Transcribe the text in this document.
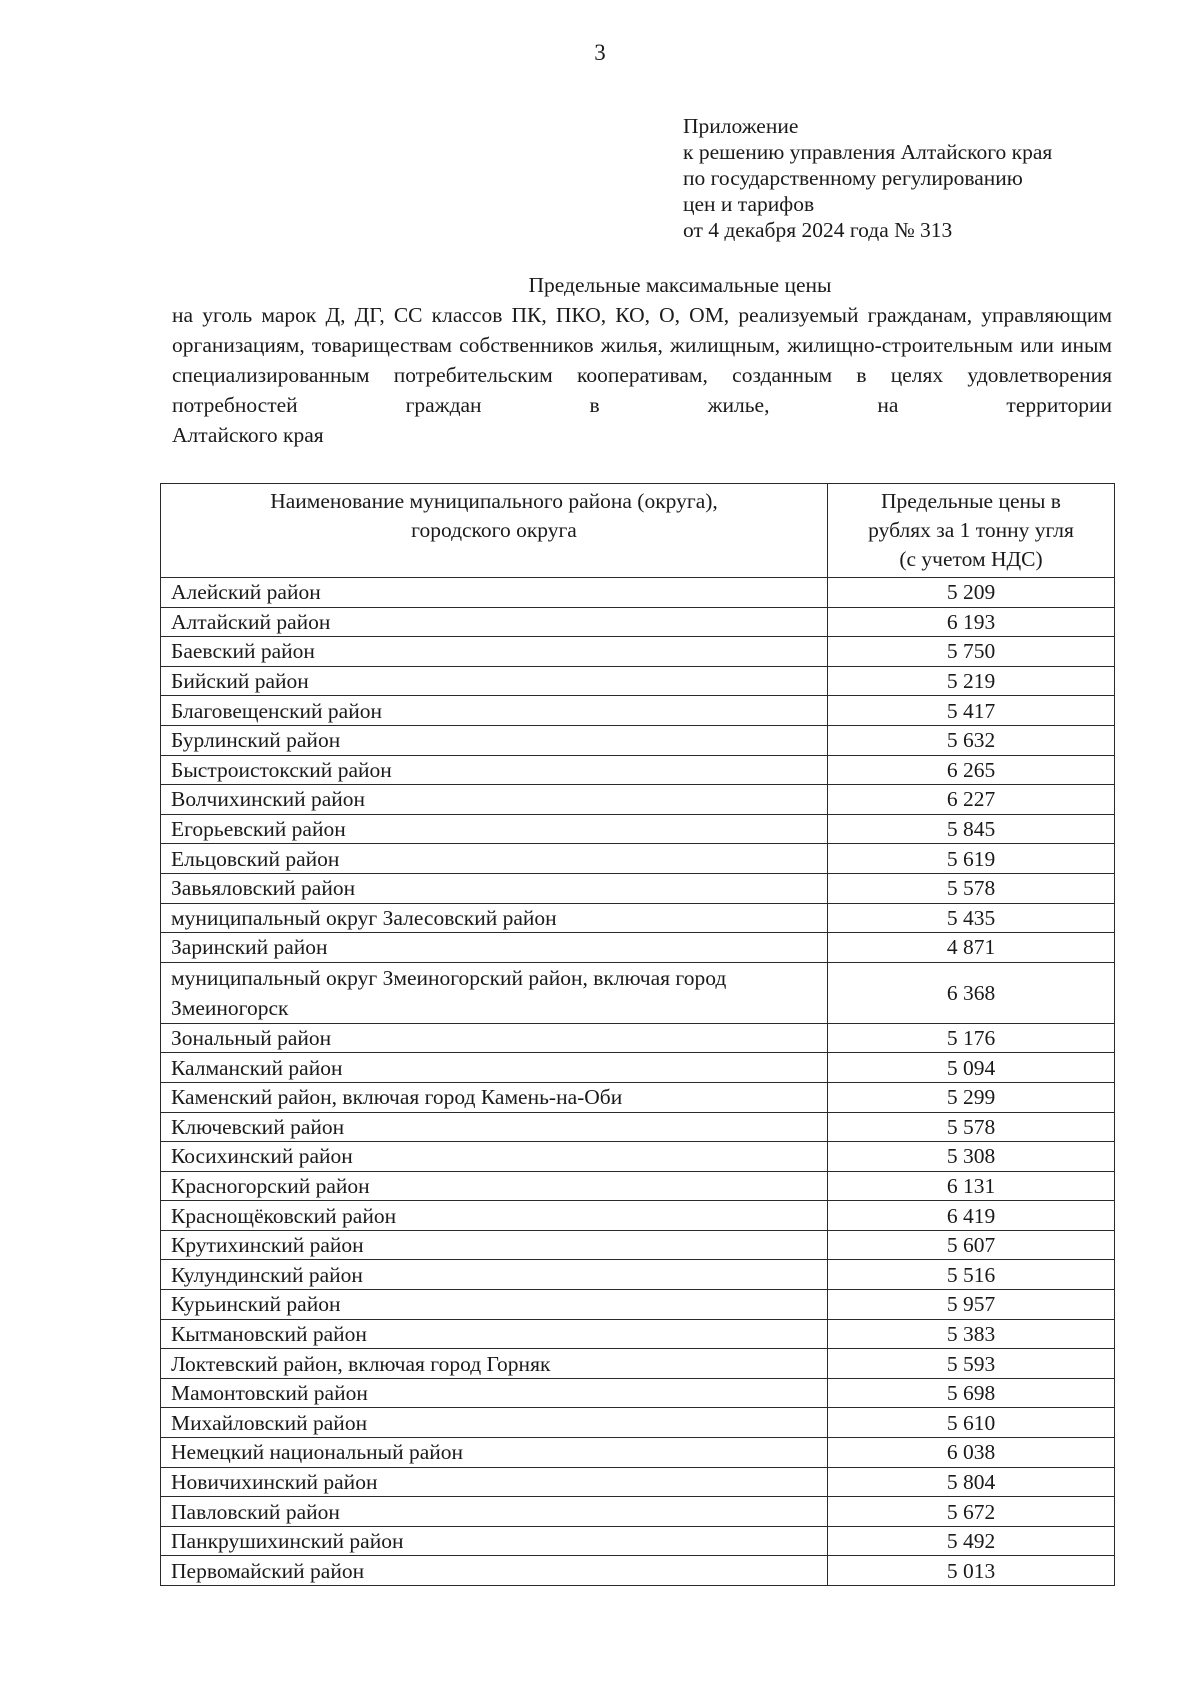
3
Приложение
к решению управления Алтайского края
по государственному регулированию
цен и тарифов
от 4 декабря 2024 года № 313
Предельные максимальные цены
на уголь марок Д, ДГ, СС классов ПК, ПКО, КО, О, ОМ, реализуемый гражданам, управляющим организациям, товариществам собственников жилья, жилищным, жилищно-строительным или иным специализированным потребительским кооперативам, созданным в целях удовлетворения потребностей граждан в жилье, на территории
Алтайского края
Наименование муниципального района (округа), городского округа	Предельные цены в рублях за 1 тонну угля (с учетом НДС)

Алейский район	5 209
Алтайский район	6 193
Баевский район	5 750
Бийский район	5 219
Благовещенский район	5 417
Бурлинский район	5 632
Быстроистокский район	6 265
Волчихинский район	6 227
Егорьевский район	5 845
Ельцовский район	5 619
Завьяловский район	5 578
муниципальный округ Залесовский район	5 435
Заринский район	4 871
муниципальный округ Змеиногорский район, включая город Змеиногорск	6 368
Зональный район	5 176
Калманский район	5 094
Каменский район, включая город Камень-на-Оби	5 299
Ключевский район	5 578
Косихинский район	5 308
Красногорский район	6 131
Краснощёковский район	6 419
Крутихинский район	5 607
Кулундинский район	5 516
Курьинский район	5 957
Кытмановский район	5 383
Локтевский район, включая город Горняк	5 593
Мамонтовский район	5 698
Михайловский район	5 610
Немецкий национальный район	6 038
Новичихинский район	5 804
Павловский район	5 672
Панкрушихинский район	5 492
Первомайский район	5 013
